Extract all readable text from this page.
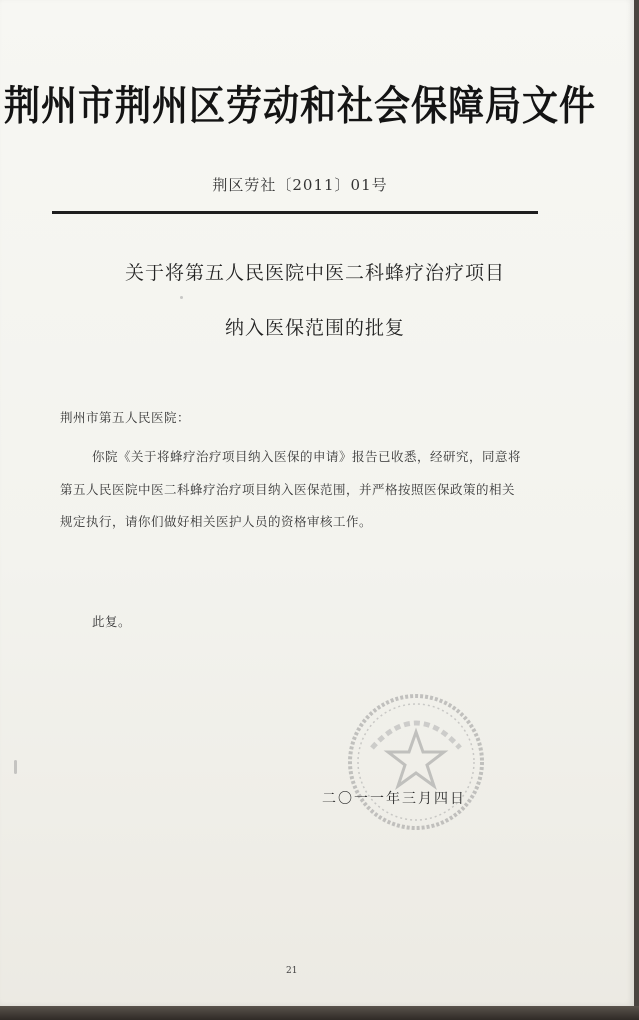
荆州市荆州区劳动和社会保障局文件
荆区劳社〔2011〕01号
关于将第五人民医院中医二科蜂疗治疗项目
纳入医保范围的批复
荆州市第五人民医院：
你院《关于将蜂疗治疗项目纳入医保的申请》报告已收悉，经研究，同意将
第五人民医院中医二科蜂疗治疗项目纳入医保范围，并严格按照医保政策的相关
规定执行，请你们做好相关医护人员的资格审核工作。
此复。
二〇一一年三月四日
21
